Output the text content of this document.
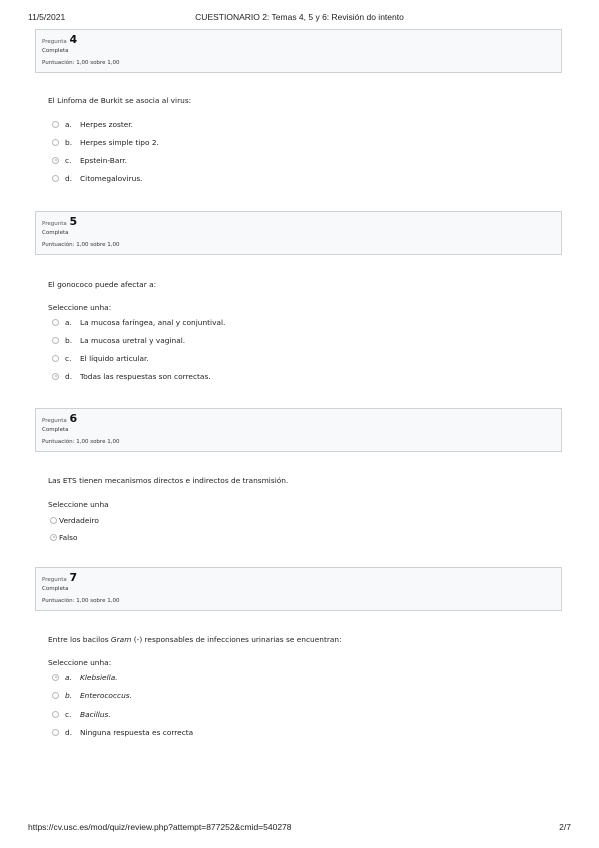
11/5/2021	CUESTIONARIO 2: Temas 4, 5 y 6: Revisión do intento
Pregunta 4
Completa
Puntuación: 1,00 sobre 1,00
El Linfoma de Burkit se asocia al virus:
a.	Herpes zoster.
b.	Herpes simple tipo 2.
c.	Epstein-Barr.
d.	Citomegalovirus.
Pregunta 5
Completa
Puntuación: 1,00 sobre 1,00
El gonococo puede afectar a:
Seleccione unha:
a.	La mucosa faríngea, anal y conjuntival.
b.	La mucosa uretral y vaginal.
c.	El líquido articular.
d.	Todas las respuestas son correctas.
Pregunta 6
Completa
Puntuación: 1,00 sobre 1,00
Las ETS tienen mecanismos directos e indirectos de transmisión.
Seleccione unha
Verdadeiro
Falso
Pregunta 7
Completa
Puntuación: 1,00 sobre 1,00
Entre los bacilos Gram (-) responsables de infecciones urinarias se encuentran:
Seleccione unha:
a.	Klebsiella.
b.	Enterococcus.
c.	Bacillus.
d.	Ninguna respuesta es correcta
https://cv.usc.es/mod/quiz/review.php?attempt=877252&cmid=540278	2/7
